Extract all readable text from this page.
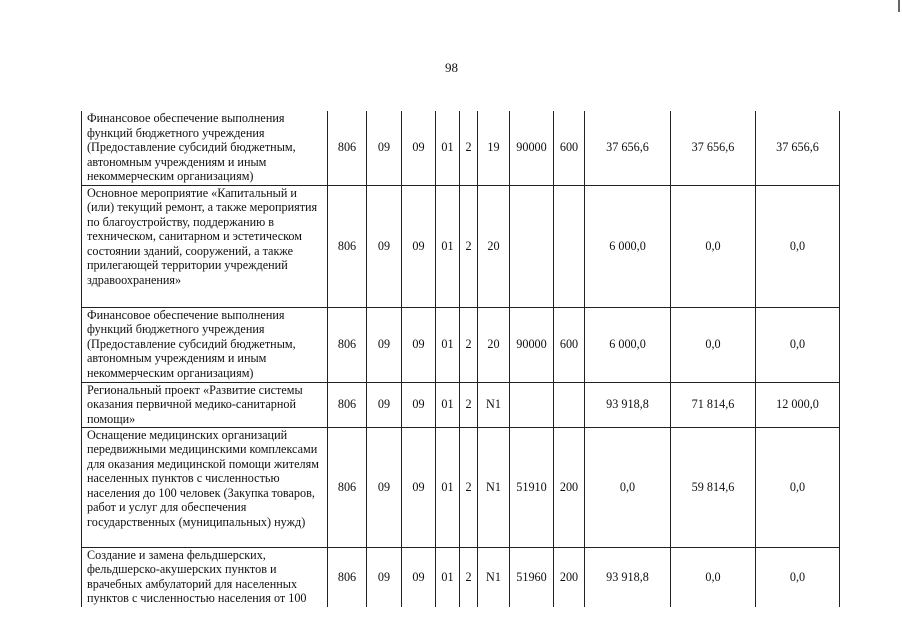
98
Финансовое обеспечение выполнения функций бюджетного учреждения (Предоставление субсидий бюджетным, автономным учреждениям и иным некоммерческим организациям)	806	09	09	01	2	19	90000	600	37 656,6	37 656,6	37 656,6
Основное мероприятие «Капитальный и (или) текущий ремонт, а также мероприятия по благоустройству, поддержанию в техническом, санитарном и эстетическом состоянии зданий, сооружений, а также прилегающей территории учреждений здравоохранения»	806	09	09	01	2	20			6 000,0	0,0	0,0
Финансовое обеспечение выполнения функций бюджетного учреждения (Предоставление субсидий бюджетным, автономным учреждениям и иным некоммерческим организациям)	806	09	09	01	2	20	90000	600	6 000,0	0,0	0,0
Региональный проект «Развитие системы оказания первичной медико-санитарной помощи»	806	09	09	01	2	N1			93 918,8	71 814,6	12 000,0
Оснащение медицинских организаций передвижными медицинскими комплексами для оказания медицинской помощи жителям населенных пунктов с численностью населения до 100 человек (Закупка товаров, работ и услуг для обеспечения государственных (муниципальных) нужд)	806	09	09	01	2	N1	51910	200	0,0	59 814,6	0,0
Создание и замена фельдшерских, фельдшерско-акушерских пунктов и врачебных амбулаторий для населенных пунктов с численностью населения от 100	806	09	09	01	2	N1	51960	200	93 918,8	0,0	0,0
